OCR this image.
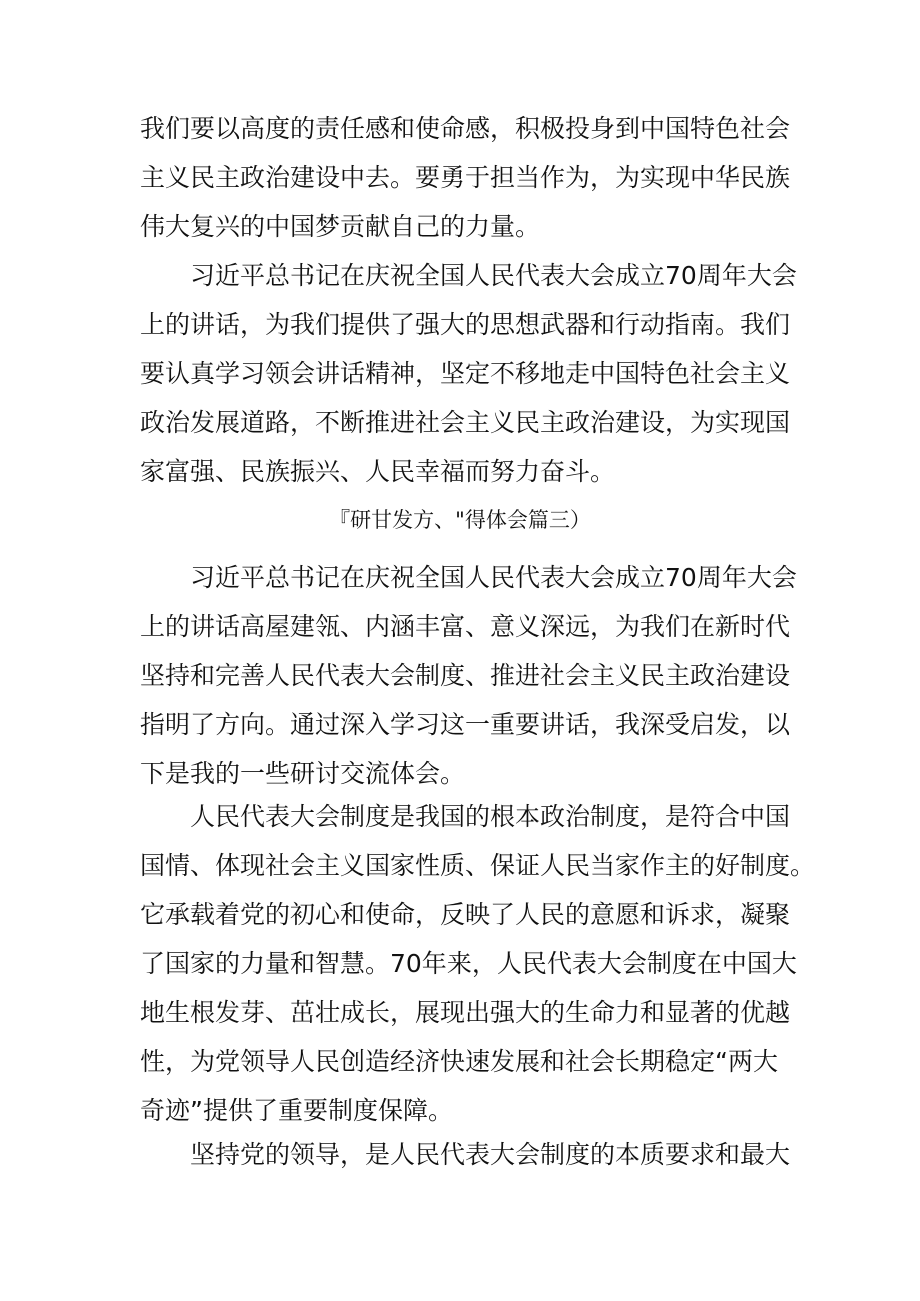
我们要以高度的责任感和使命感，积极投身到中国特色社会
主义民主政治建设中去。要勇于担当作为，为实现中华民族
伟大复兴的中国梦贡献自己的力量。
习近平总书记在庆祝全国人民代表大会成立70周年大会
上的讲话，为我们提供了强大的思想武器和行动指南。我们
要认真学习领会讲话精神，坚定不移地走中国特色社会主义
政治发展道路，不断推进社会主义民主政治建设，为实现国
家富强、民族振兴、人民幸福而努力奋斗。
『研甘发方、"得体会篇三）
习近平总书记在庆祝全国人民代表大会成立70周年大会
上的讲话高屋建瓴、内涵丰富、意义深远，为我们在新时代
坚持和完善人民代表大会制度、推进社会主义民主政治建设
指明了方向。通过深入学习这一重要讲话，我深受启发，以
下是我的一些研讨交流体会。
人民代表大会制度是我国的根本政治制度，是符合中国
国情、体现社会主义国家性质、保证人民当家作主的好制度。
它承载着党的初心和使命，反映了人民的意愿和诉求，凝聚
了国家的力量和智慧。70年来，人民代表大会制度在中国大
地生根发芽、茁壮成长，展现出强大的生命力和显著的优越
性，为党领导人民创造经济快速发展和社会长期稳定“两大
奇迹”提供了重要制度保障。
坚持党的领导，是人民代表大会制度的本质要求和最大
